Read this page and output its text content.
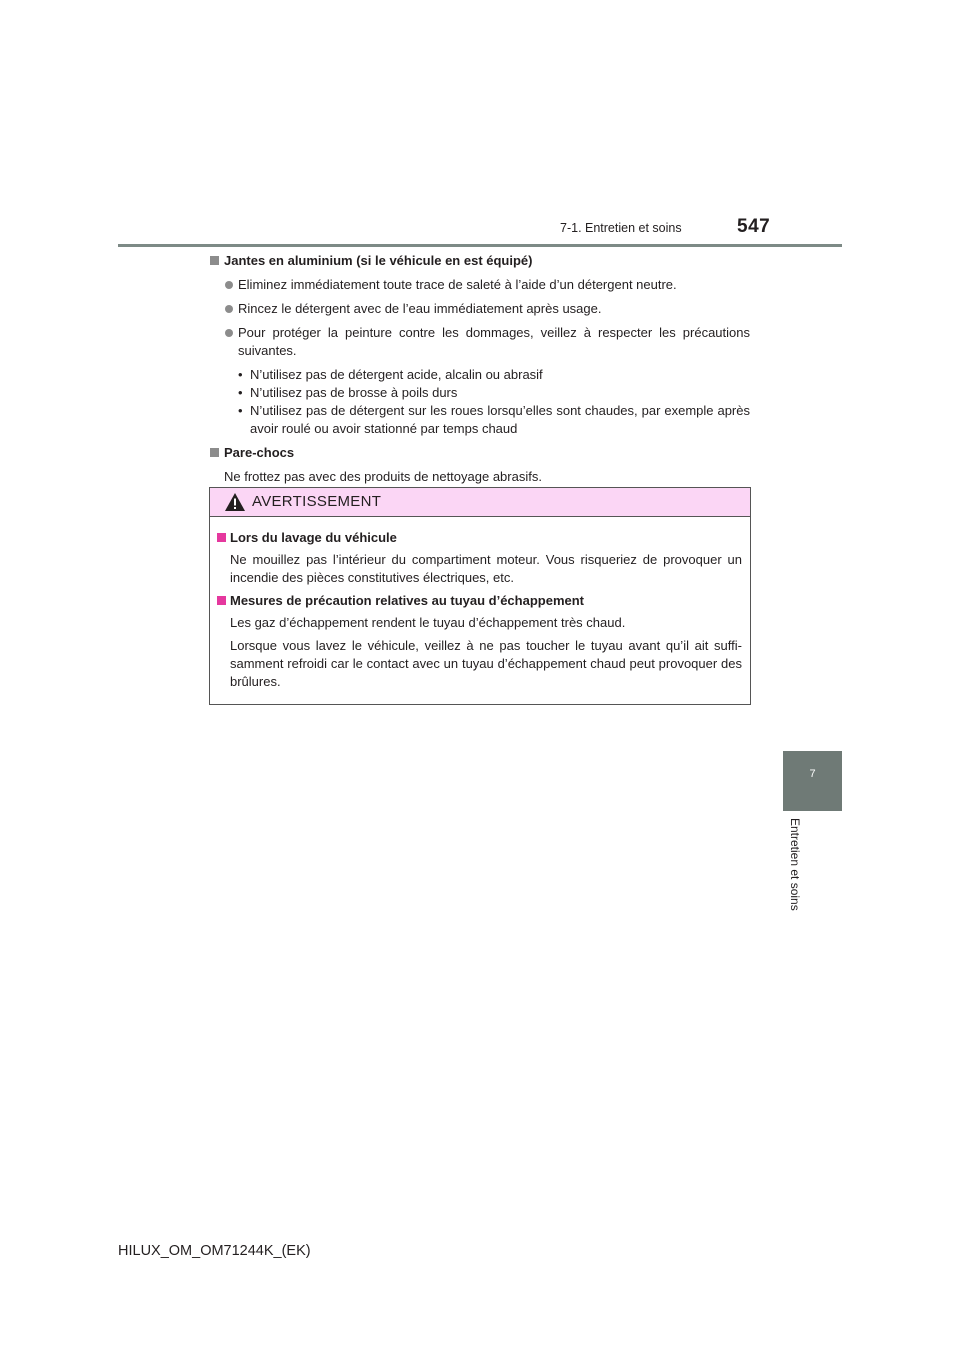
7-1. Entretien et soins	547
7
Entretien et soins
Jantes en aluminium (si le véhicule en est équipé)
Eliminez immédiatement toute trace de saleté à l’aide d’un détergent neutre.
Rincez le détergent avec de l’eau immédiatement après usage.
Pour protéger la peinture contre les dommages, veillez à respecter les précautions suivantes.
• N’utilisez pas de détergent acide, alcalin ou abrasif
• N’utilisez pas de brosse à poils durs
• N’utilisez pas de détergent sur les roues lorsqu’elles sont chaudes, par exemple après avoir roulé ou avoir stationné par temps chaud
Pare-chocs

Ne frottez pas avec des produits de nettoyage abrasifs.

AVERTISSEMENT
Lors du lavage du véhicule

Ne mouillez pas l’intérieur du compartiment moteur. Vous risqueriez de provoquer un incendie des pièces constitutives électriques, etc.

Mesures de précaution relatives au tuyau d’échappement

Les gaz d’échappement rendent le tuyau d’échappement très chaud.

Lorsque vous lavez le véhicule, veillez à ne pas toucher le tuyau avant qu’il ait suffi-samment refroidi car le contact avec un tuyau d’échappement chaud peut provoquer des brûlures.

HILUX_OM_OM71244K_(EK)
